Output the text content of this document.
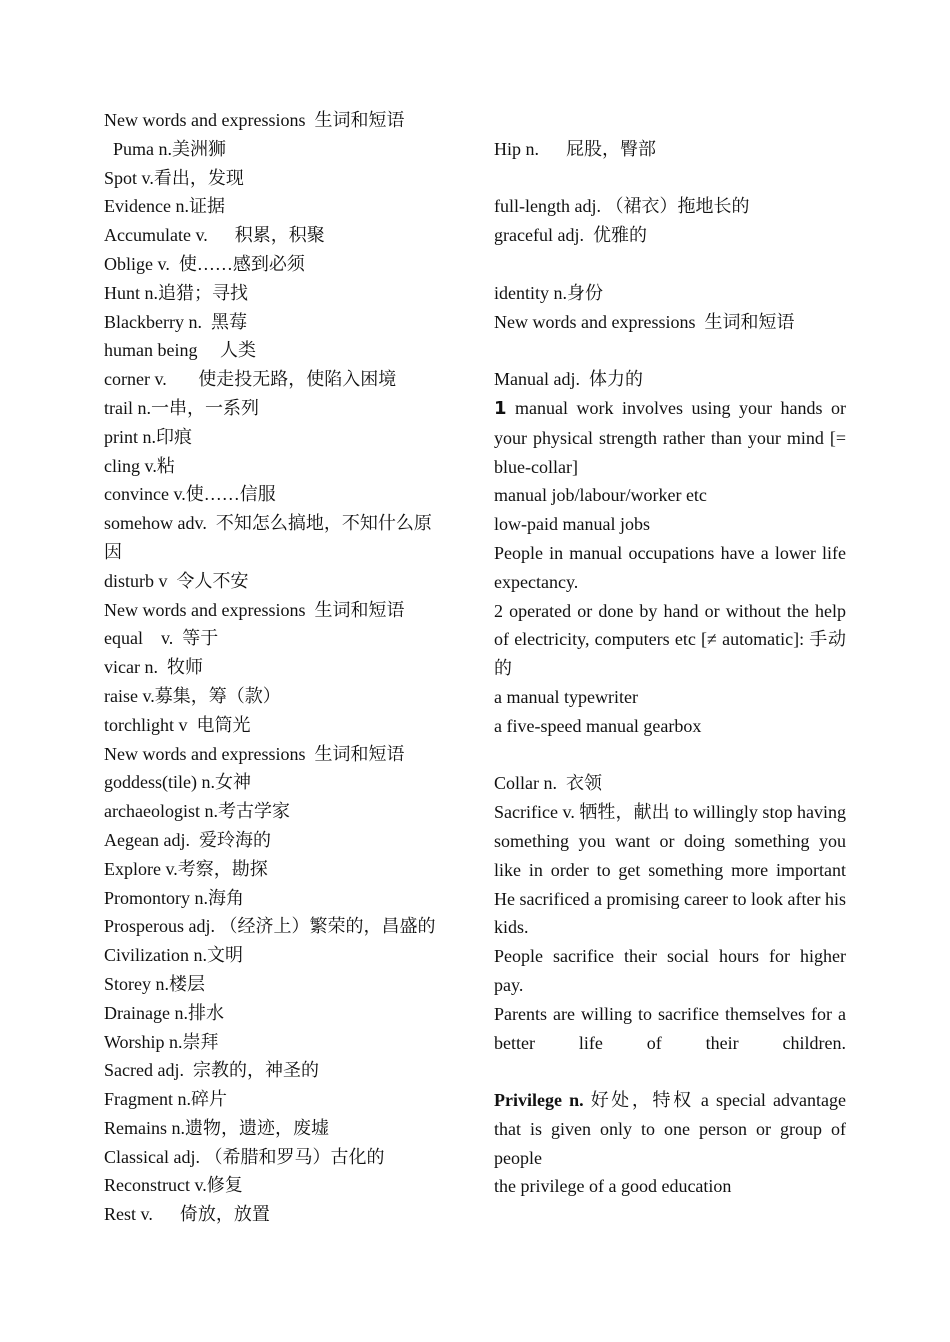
New words and expressions  生词和短语
Puma n.美洲狮
Spot v.看出，发现
Evidence n.证据
Accumulate v.      积累，积聚
Oblige v.  使……感到必须
Hunt n.追猎；寻找
Blackberry n.  黑莓
human being     人类
corner v.       使走投无路，使陷入困境
trail n.一串，一系列
print n.印痕
cling v.粘
convince v.使……信服
somehow adv.  不知怎么搞地，不知什么原
因
disturb v  令人不安
New words and expressions  生词和短语
equal    v.  等于
vicar n.  牧师
raise v.募集，筹（款）
torchlight v  电筒光
New words and expressions  生词和短语
goddess(tile) n.女神
archaeologist n.考古学家
Aegean adj.  爱玲海的
Explore v.考察，勘探
Promontory n.海角
Prosperous adj. （经济上）繁荣的，昌盛的
Civilization n.文明
Storey n.楼层
Drainage n.排水
Worship n.崇拜
Sacred adj.  宗教的，神圣的
Fragment n.碎片
Remains n.遗物，遗迹，废墟
Classical adj. （希腊和罗马）古化的
Reconstruct v.修复
Rest v.      倚放，放置
Hip n.      屁股，臀部
full-length adj. （裙衣）拖地长的
graceful adj.  优雅的
identity n.身份
New words and expressions  生词和短语
Manual adj.  体力的
1 manual work involves using your hands or your physical strength rather than your mind [= blue-collar]
manual job/labour/worker etc
low-paid manual jobs
People in manual occupations have a lower life expectancy.
2 operated or done by hand or without the help of electricity, computers etc [≠ automatic]: 手动的
a manual typewriter
a five-speed manual gearbox
Collar n.  衣领
Sacrifice v. 牺牲，献出 to willingly stop having something you want or doing something you like in order to get something more important
He sacrificed a promising career to look after his kids.
People sacrifice their social hours for higher pay.
Parents are willing to sacrifice themselves for a better life of their children.
Privilege n. 好处，特权 a special advantage that is given only to one person or group of people
the privilege of a good education
